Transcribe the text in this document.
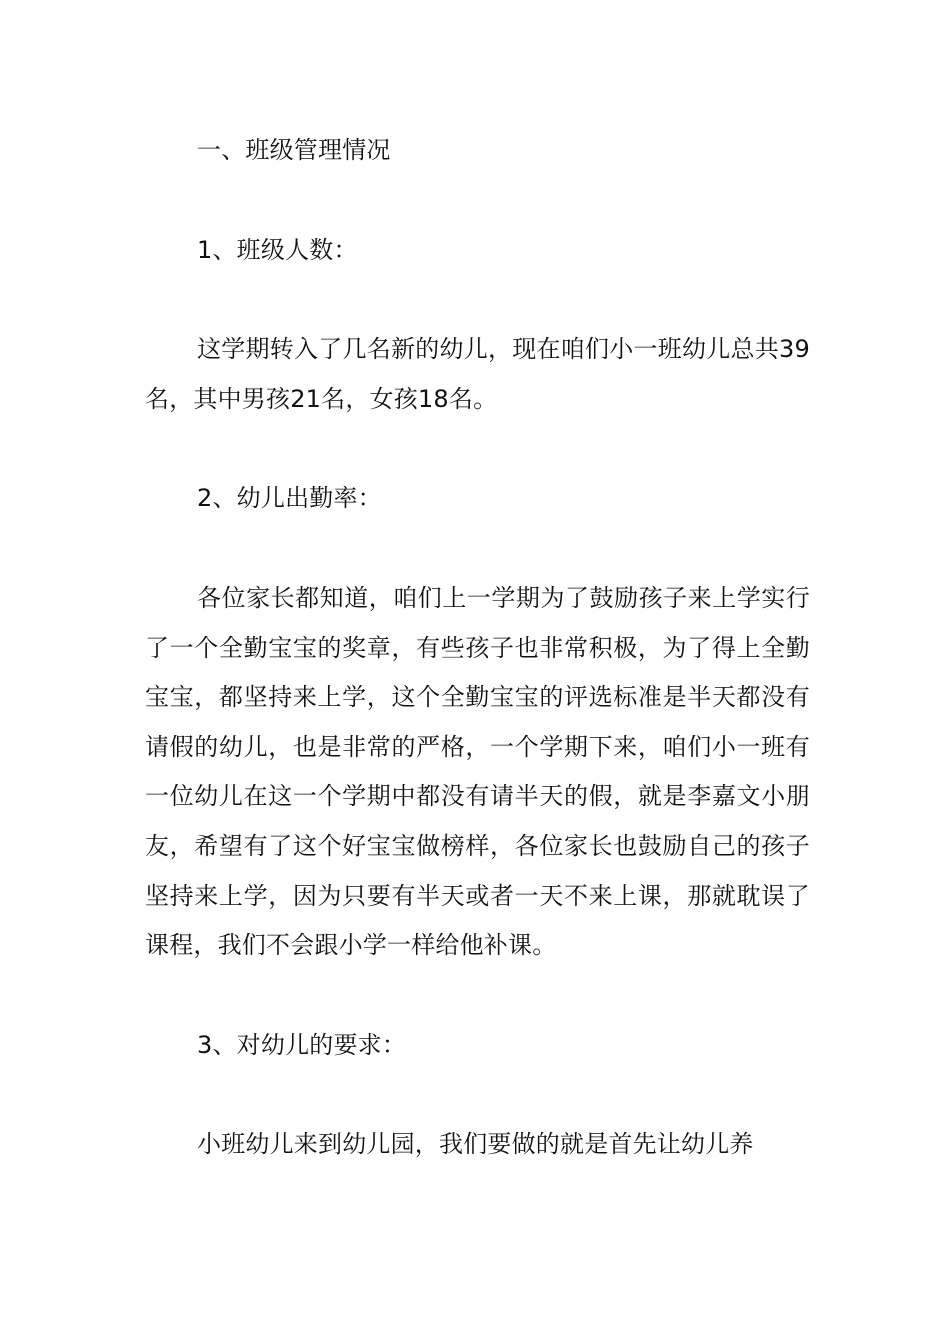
一、班级管理情况

1、班级人数：

这学期转入了几名新的幼儿，现在咱们小一班幼儿总共39名，其中男孩21名，女孩18名。

2、幼儿出勤率：

各位家长都知道，咱们上一学期为了鼓励孩子来上学实行了一个全勤宝宝的奖章，有些孩子也非常积极，为了得上全勤宝宝，都坚持来上学，这个全勤宝宝的评选标准是半天都没有请假的幼儿，也是非常的严格，一个学期下来，咱们小一班有一位幼儿在这一个学期中都没有请半天的假，就是李嘉文小朋友，希望有了这个好宝宝做榜样，各位家长也鼓励自己的孩子坚持来上学，因为只要有半天或者一天不来上课，那就耽误了课程，我们不会跟小学一样给他补课。

3、对幼儿的要求：

小班幼儿来到幼儿园，我们要做的就是首先让幼儿养
